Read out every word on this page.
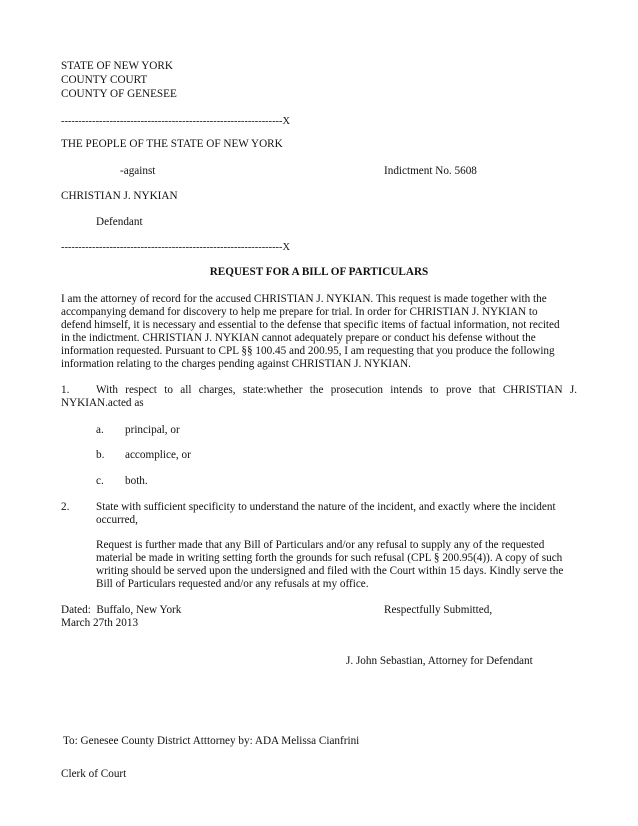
STATE OF NEW YORK
COUNTY COURT
COUNTY OF GENESEE
----------------------------------------------------------------X
THE PEOPLE OF THE STATE OF NEW YORK
-against	Indictment No. 5608
CHRISTIAN J. NYKIAN
Defendant
----------------------------------------------------------------X
REQUEST FOR A BILL OF PARTICULARS
I am the attorney of record for the accused CHRISTIAN J. NYKIAN. This request is made together with the
accompanying demand for discovery to help me prepare for trial. In order for CHRISTIAN J. NYKIAN to
defend himself, it is necessary and essential to the defense that specific items of factual information, not recited
in the indictment. CHRISTIAN J. NYKIAN cannot adequately prepare or conduct his defense without the
information requested. Pursuant to CPL §§ 100.45 and 200.95, I am requesting that you produce the following
information relating to the charges pending against CHRISTIAN J. NYKIAN.
1. With respect to all charges, state:whether the prosecution intends to prove that CHRISTIAN J.
NYKIAN.acted as
a. principal, or
b. accomplice, or
c. both.
2. State with sufficient specificity to understand the nature of the incident, and exactly where the incident
occurred,
Request is further made that any Bill of Particulars and/or any refusal to supply any of the requested
material be made in writing setting forth the grounds for such refusal (CPL § 200.95(4)). A copy of such
writing should be served upon the undersigned and filed with the Court within 15 days. Kindly serve the
Bill of Particulars requested and/or any refusals at my office.
Dated:  Buffalo, New York
March 27th 2013
Respectfully Submitted,
J. John Sebastian, Attorney for Defendant
To: Genesee County District Atttorney by: ADA Melissa Cianfrini
Clerk of Court
